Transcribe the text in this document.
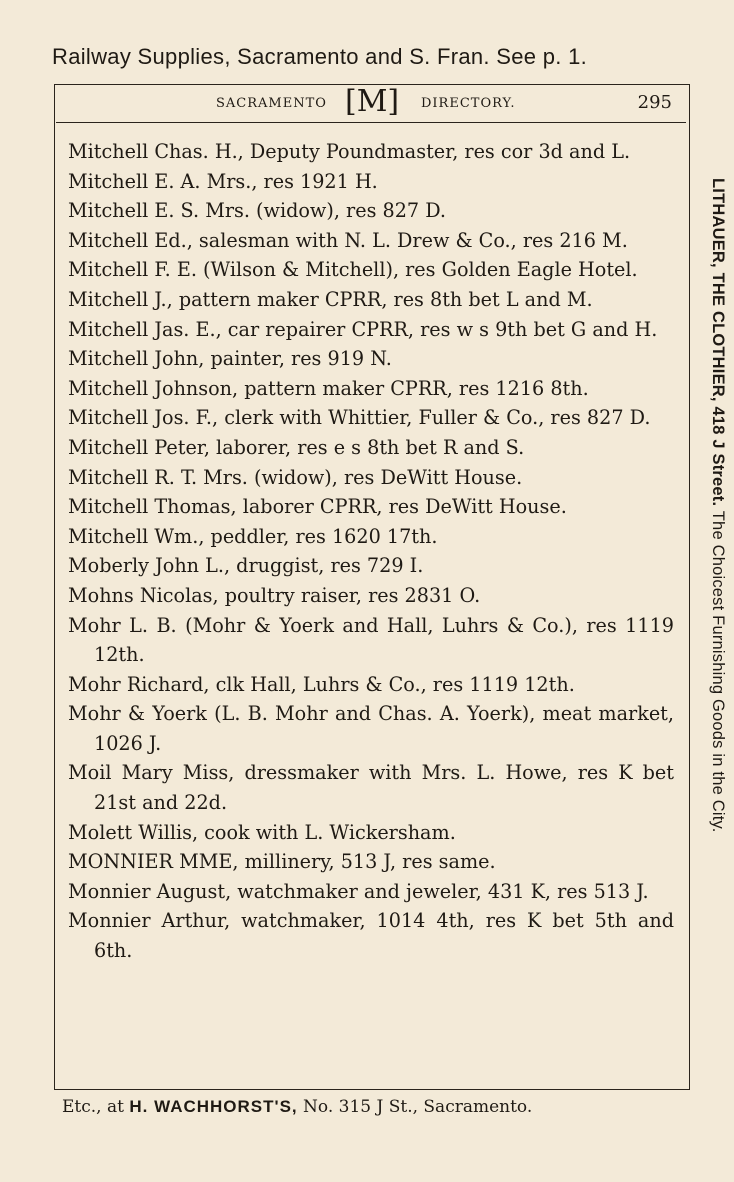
Railway Supplies, Sacramento and S. Fran. See p. 1.
SACRAMENTO [M] DIRECTORY.	295
Mitchell Chas. H., Deputy Poundmaster, res cor 3d and L.
Mitchell E. A. Mrs., res 1921 H.
Mitchell E. S. Mrs. (widow), res 827 D.
Mitchell Ed., salesman with N. L. Drew & Co., res 216 M.
Mitchell F. E. (Wilson & Mitchell), res Golden Eagle Hotel.
Mitchell J., pattern maker CPRR, res 8th bet L and M.
Mitchell Jas. E., car repairer CPRR, res w s 9th bet G and H.
Mitchell John, painter, res 919 N.
Mitchell Johnson, pattern maker CPRR, res 1216 8th.
Mitchell Jos. F., clerk with Whittier, Fuller & Co., res 827 D.
Mitchell Peter, laborer, res e s 8th bet R and S.
Mitchell R. T. Mrs. (widow), res DeWitt House.
Mitchell Thomas, laborer CPRR, res DeWitt House.
Mitchell Wm., peddler, res 1620 17th.
Moberly John L., druggist, res 729 I.
Mohns Nicolas, poultry raiser, res 2831 O.
Mohr L. B. (Mohr & Yoerk and Hall, Luhrs & Co.), res 1119 12th.
Mohr Richard, clk Hall, Luhrs & Co., res 1119 12th.
Mohr & Yoerk (L. B. Mohr and Chas. A. Yoerk), meat market, 1026 J.
Moil Mary Miss, dressmaker with Mrs. L. Howe, res K bet 21st and 22d.
Molett Willis, cook with L. Wickersham.
MONNIER MME, millinery, 513 J, res same.
Monnier August, watchmaker and jeweler, 431 K, res 513 J.
Monnier Arthur, watchmaker, 1014 4th, res K bet 5th and 6th.
LITHAUER, THE CLOTHIER, 418 J Street. The Choicest Furnishing Goods in the City.
Etc., at H. WACHHORST'S, No. 315 J St., Sacramento.
